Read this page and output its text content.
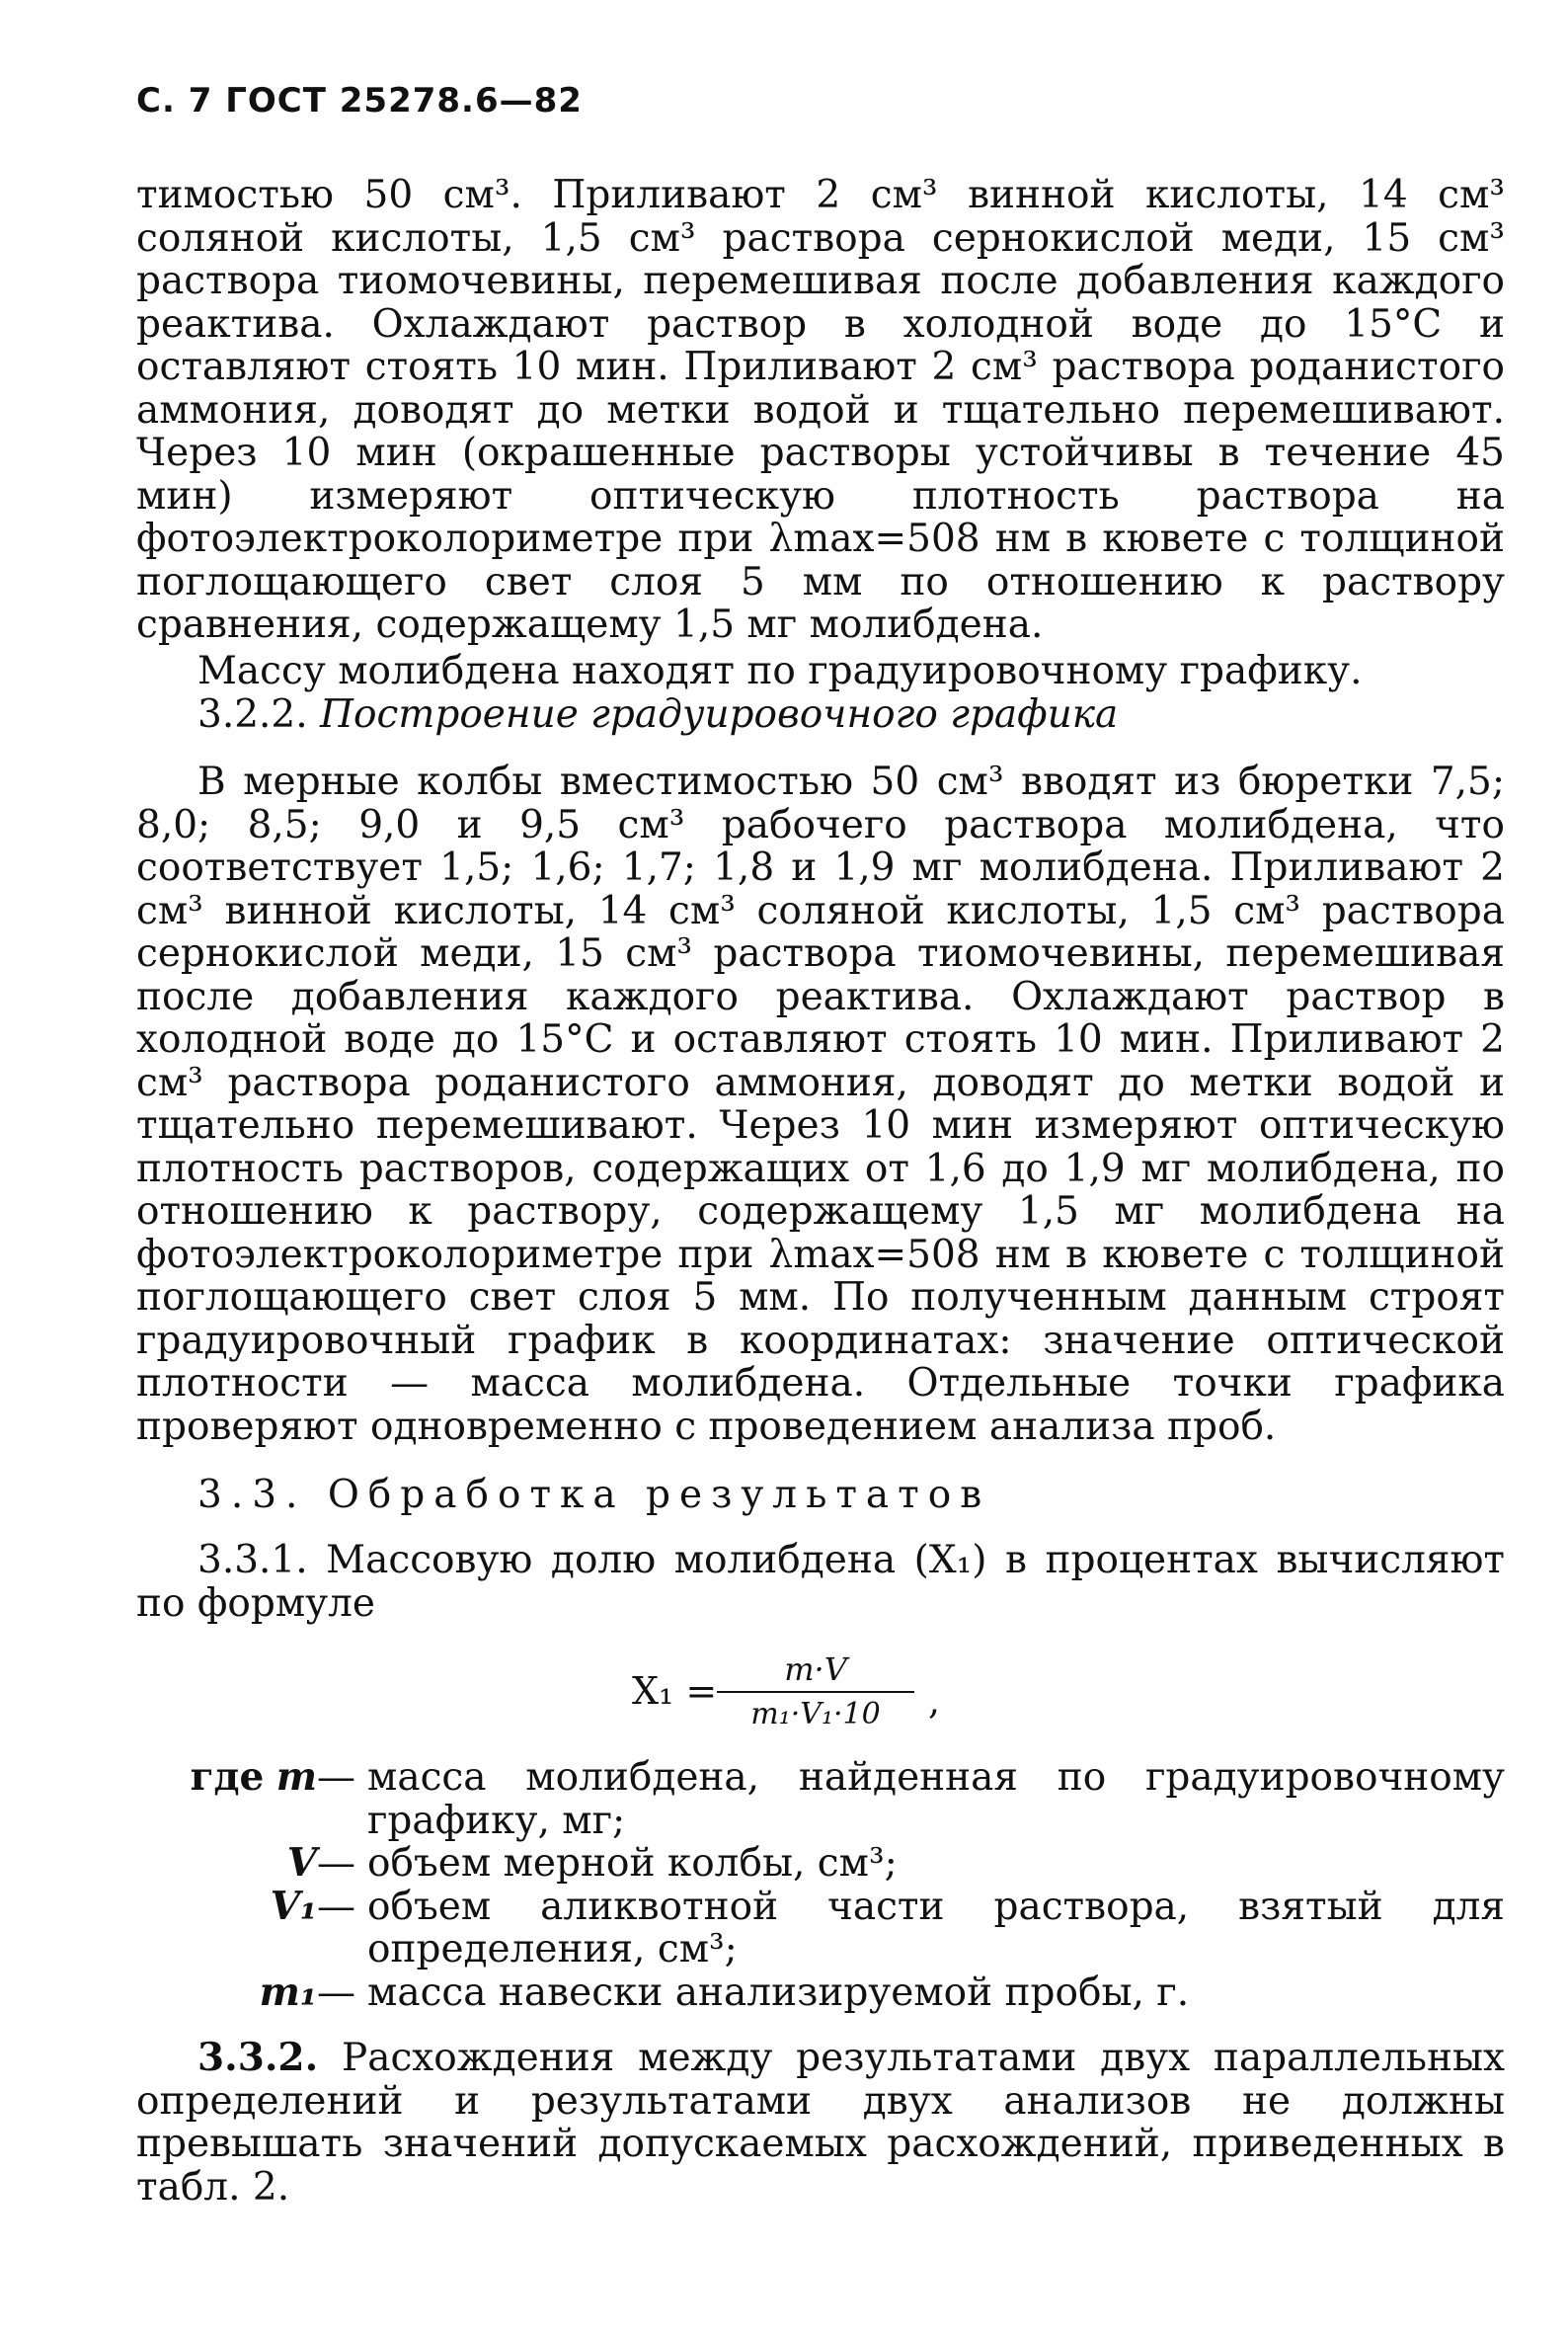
С. 7 ГОСТ 25278.6—82

тимостью 50 см³. Приливают 2 см³ винной кислоты, 14 см³ соляной кислоты, 1,5 см³ раствора сернокислой меди, 15 см³ раствора тиомочевины, перемешивая после добавления каждого реактива. Охлаждают раствор в холодной воде до 15°С и оставляют стоять 10 мин. Приливают 2 см³ раствора роданистого аммония, доводят до метки водой и тщательно перемешивают. Через 10 мин (окрашенные растворы устойчивы в течение 45 мин) измеряют оптическую плотность раствора на фотоэлектроколориметре при λmax=508 нм в кювете с толщиной поглощающего свет слоя 5 мм по отношению к раствору сравнения, содержащему 1,5 мг молибдена.

Массу молибдена находят по градуировочному графику.

3.2.2. Построение градуировочного графика

В мерные колбы вместимостью 50 см³ вводят из бюретки 7,5; 8,0; 8,5; 9,0 и 9,5 см³ рабочего раствора молибдена, что соответствует 1,5; 1,6; 1,7; 1,8 и 1,9 мг молибдена. Приливают 2 см³ винной кислоты, 14 см³ соляной кислоты, 1,5 см³ раствора сернокислой меди, 15 см³ раствора тиомочевины, перемешивая после добавления каждого реактива. Охлаждают раствор в холодной воде до 15°С и оставляют стоять 10 мин. Приливают 2 см³ раствора роданистого аммония, доводят до метки водой и тщательно перемешивают. Через 10 мин измеряют оптическую плотность растворов, содержащих от 1,6 до 1,9 мг молибдена, по отношению к раствору, содержащему 1,5 мг молибдена на фотоэлектроколориметре при λmax=508 нм в кювете с толщиной поглощающего свет слоя 5 мм. По полученным данным строят градуировочный график в координатах: значение оптической плотности — масса молибдена. Отдельные точки графика проверяют одновременно с проведением анализа проб.

3.3. Обработка результатов

3.3.1. Массовую долю молибдена (X₁) в процентах вычисляют по формуле

X₁ =	m·V
m₁·V₁·10	,
где m— масса молибдена, найденная по градуировочному графику, мг;
V— объем мерной колбы, см³;
V₁— объем аликвотной части раствора, взятый для определения, см³;
m₁— масса навески анализируемой пробы, г.

3.3.2. Расхождения между результатами двух параллельных определений и результатами двух анализов не должны превышать значений допускаемых расхождений, приведенных в табл. 2.
